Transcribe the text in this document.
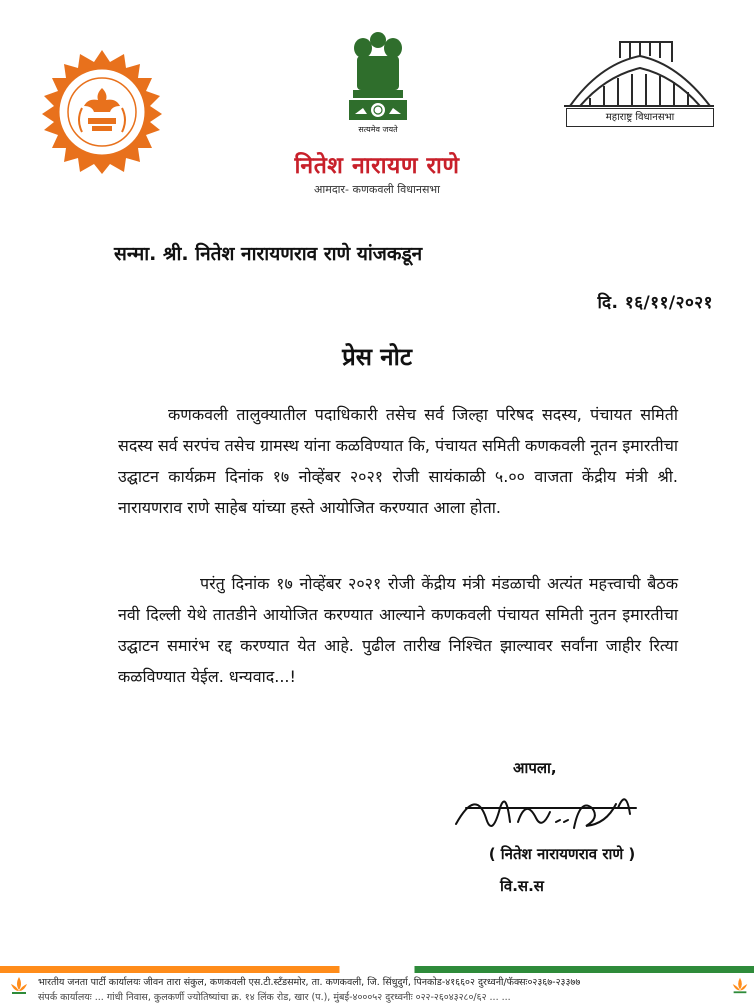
सत्यमेव जयते
महाराष्ट्र विधानसभा
नितेश नारायण राणे
आमदार- कणकवली विधानसभा
सन्मा. श्री. नितेश नारायणराव राणे यांजकडून
दि. १६/११/२०२१
प्रेस नोट
कणकवली तालुक्यातील पदाधिकारी तसेच सर्व जिल्हा परिषद सदस्य, पंचायत समिती सदस्य सर्व सरपंच तसेच ग्रामस्थ यांना कळविण्यात कि, पंचायत समिती कणकवली नूतन इमारतीचा उद्घाटन कार्यक्रम दिनांक १७ नोव्हेंबर २०२१ रोजी सायंकाळी ५.०० वाजता केंद्रीय मंत्री श्री. नारायणराव राणे साहेब यांच्या हस्ते आयोजित करण्यात आला होता.
परंतु दिनांक १७ नोव्हेंबर २०२१ रोजी केंद्रीय मंत्री मंडळाची अत्यंत महत्त्वाची बैठक नवी दिल्ली येथे तातडीने आयोजित करण्यात आल्याने कणकवली पंचायत समिती नुतन इमारतीचा उद्घाटन समारंभ रद्द करण्यात येत आहे. पुढील तारीख निश्चित झाल्यावर सर्वांना जाहीर रित्या कळविण्यात येईल. धन्यवाद...!
आपला,
( नितेश नारायणराव राणे )
वि.स.स
भारतीय जनता पार्टी कार्यालयः जीवन तारा संकुल, कणकवली एस.टी.स्टॅंडसमोर, ता. कणकवली, जि. सिंधुदुर्ग, पिनकोड-४१६६०२ दुरध्वनी/फॅक्सः०२३६७-२३३७७
संपर्क कार्यालयः ... गांधी निवास, कुलकर्णी ज्योतिष्यांचा क्र. १४ लिंक रोड, खार (प.), मुंबई-४०००५२ दुरध्वनीः ०२२-२६०४३२८०/६२ ... ...
